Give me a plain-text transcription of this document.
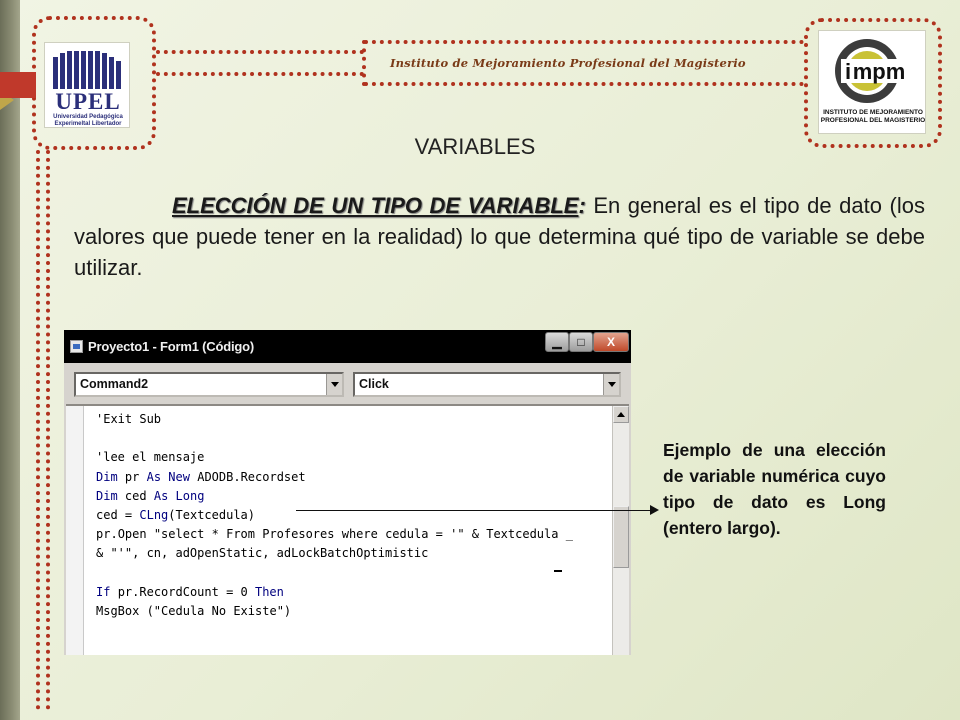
UPEL
Universidad Pedagógica
Experimeltal Libertador
Instituto de Mejoramiento Profesional del Magisterio	mpm
i
INSTITUTO DE MEJORAMIENTO
PROFESIONAL DEL MAGISTERIO
VARIABLES
ELECCIÓN DE UN TIPO DE VARIABLE: En general es el tipo de dato (los valores que puede tener en la realidad) lo que determina qué tipo de variable se debe utilizar.
Proyecto1 - Form1 (Código)	▁	□	X
Command2	Click
'Exit Sub
'lee el mensaje
Dim pr As New ADODB.Recordset
Dim ced As Long
ced = CLng(Textcedula)
pr.Open "select * From Profesores where cedula = '" & Textcedula _
& "'", cn, adOpenStatic, adLockBatchOptimistic
If pr.RecordCount = 0 Then
MsgBox ("Cedula No Existe")
Ejemplo de una elección de variable numérica cuyo tipo de dato es Long (entero largo).
